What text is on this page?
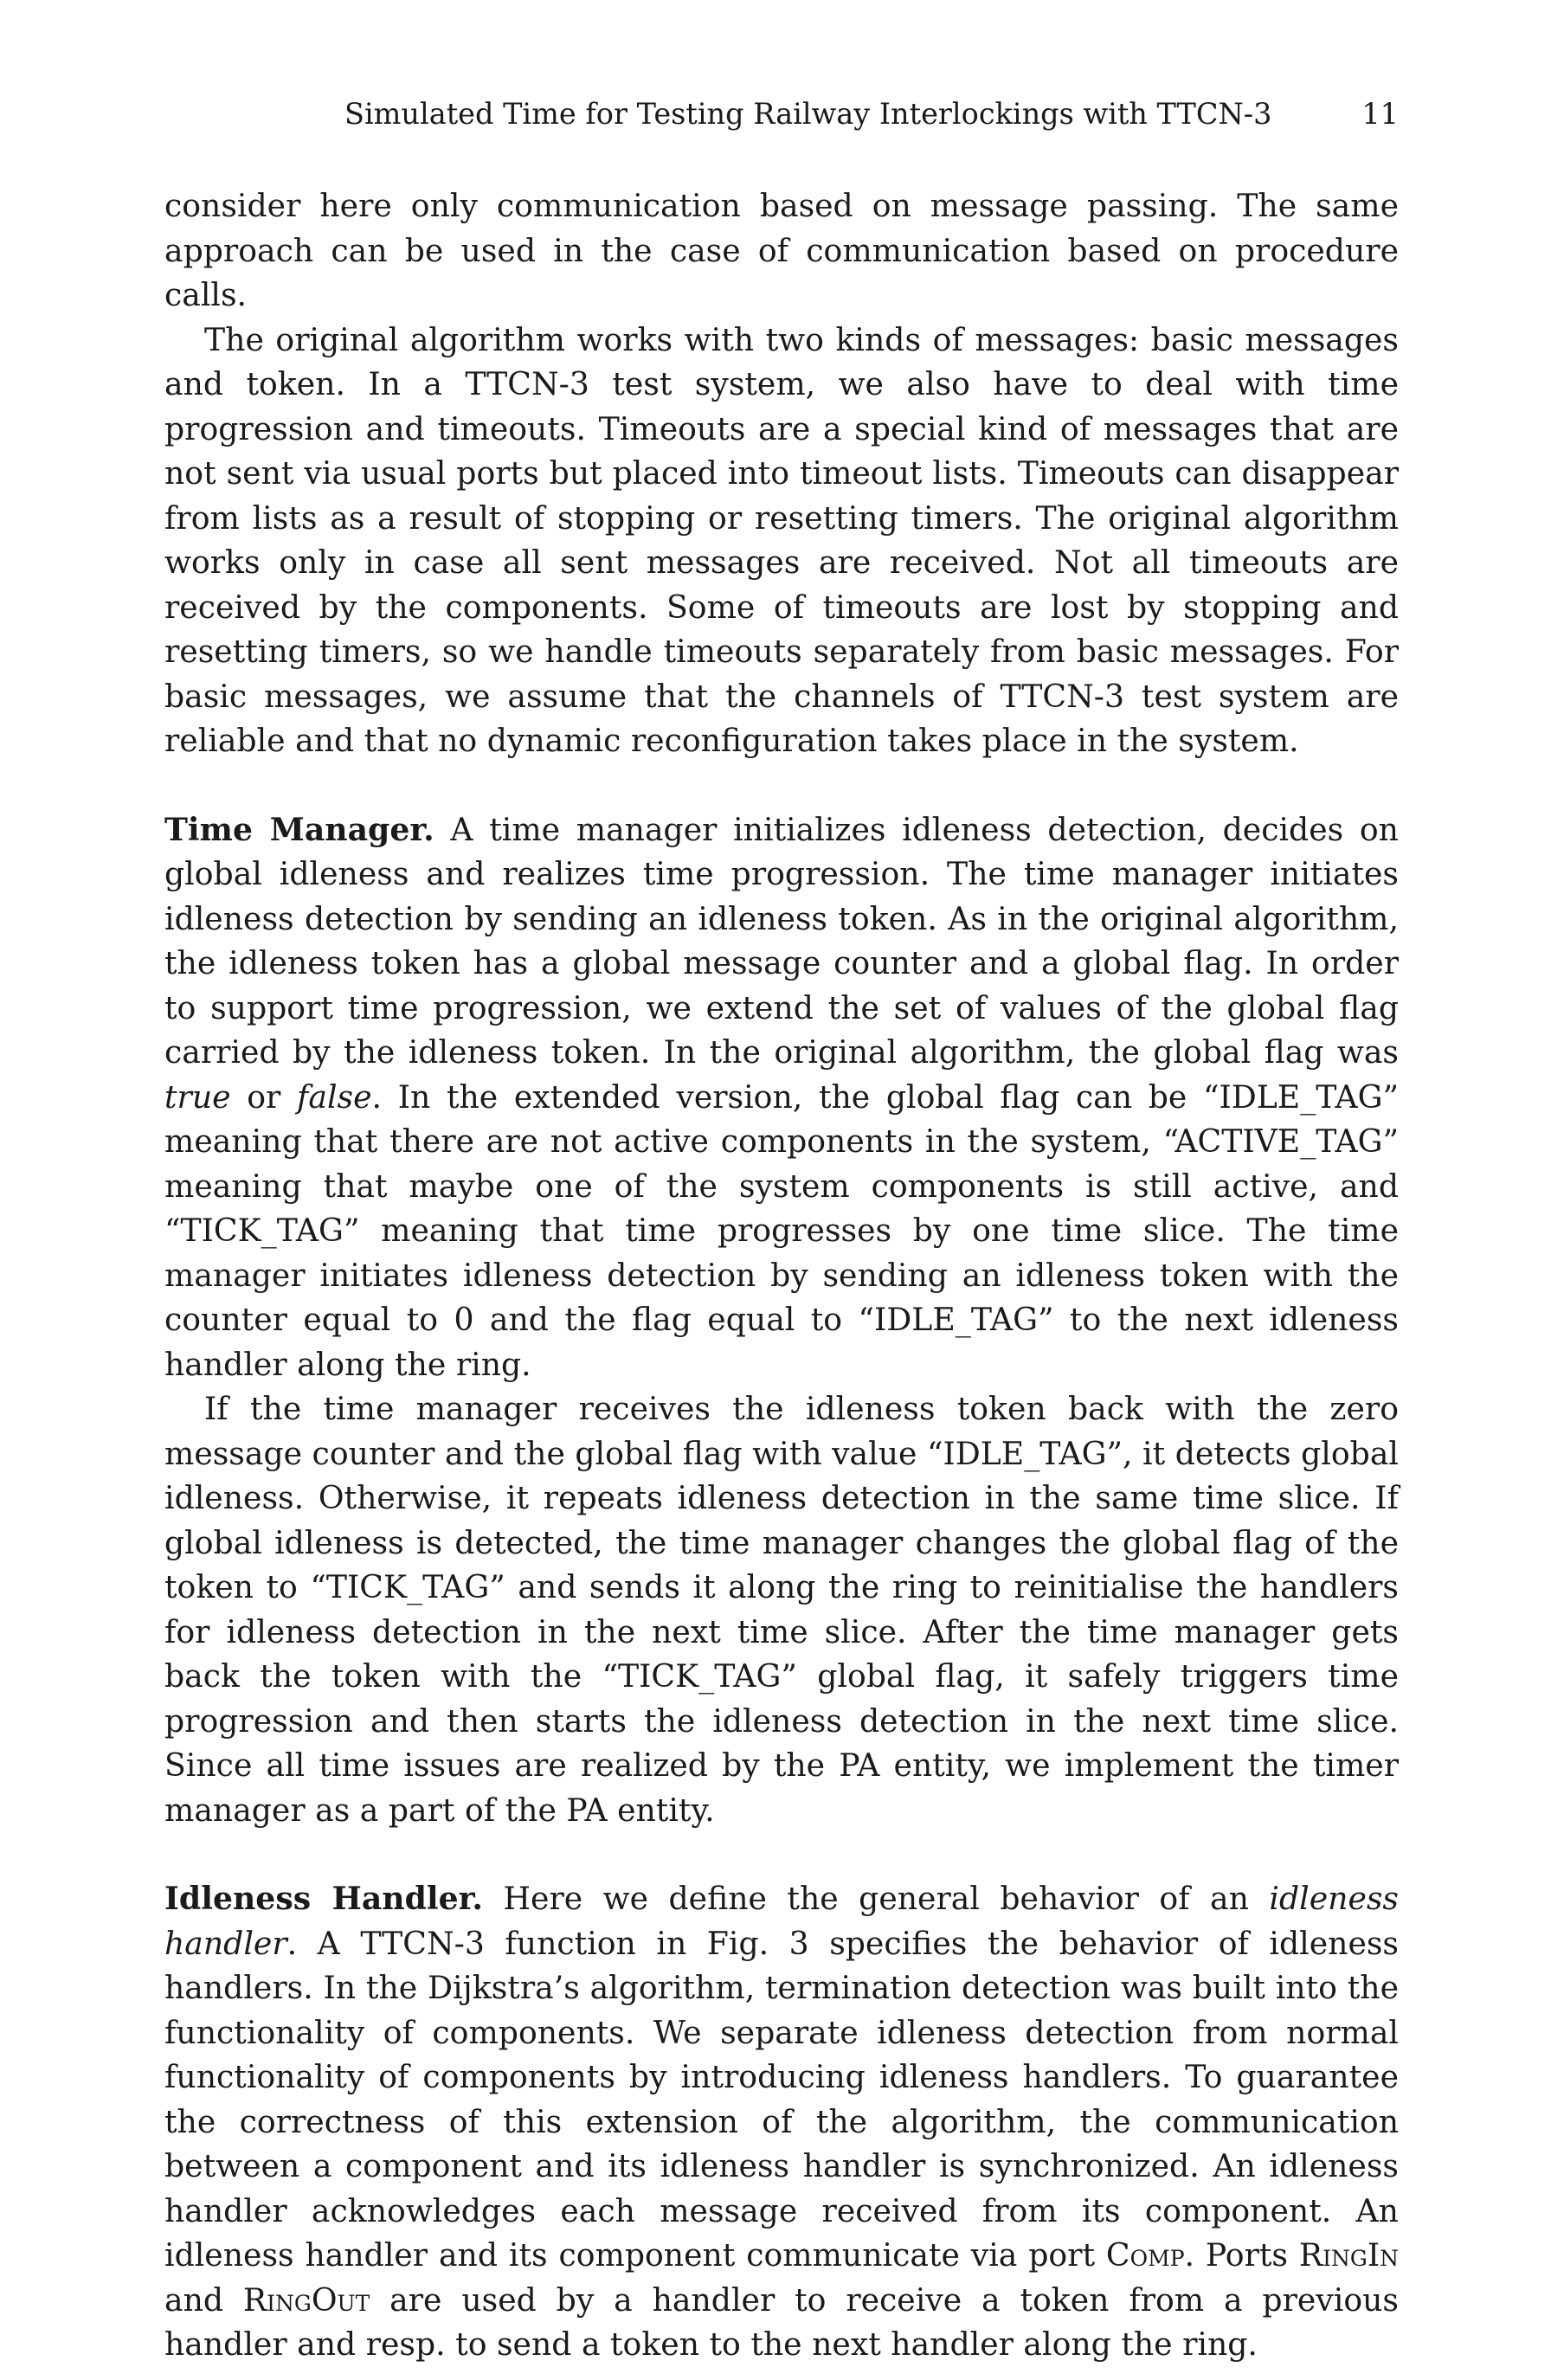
Simulated Time for Testing Railway Interlockings with TTCN-3	11

consider here only communication based on message passing. The same approach can be used in the case of communication based on procedure calls.

The original algorithm works with two kinds of messages: basic messages and token. In a TTCN-3 test system, we also have to deal with time progression and timeouts. Timeouts are a special kind of messages that are not sent via usual ports but placed into timeout lists. Timeouts can disappear from lists as a result of stopping or resetting timers. The original algorithm works only in case all sent messages are received. Not all timeouts are received by the components. Some of timeouts are lost by stopping and resetting timers, so we handle timeouts separately from basic messages. For basic messages, we assume that the channels of TTCN-3 test system are reliable and that no dynamic reconfiguration takes place in the system.

Time Manager. A time manager initializes idleness detection, decides on global idleness and realizes time progression. The time manager initiates idleness detection by sending an idleness token. As in the original algorithm, the idleness token has a global message counter and a global flag. In order to support time progression, we extend the set of values of the global flag carried by the idleness token. In the original algorithm, the global flag was true or false. In the extended version, the global flag can be “IDLE_TAG” meaning that there are not active components in the system, “ACTIVE_TAG” meaning that maybe one of the system components is still active, and “TICK_TAG” meaning that time progresses by one time slice. The time manager initiates idleness detection by sending an idleness token with the counter equal to 0 and the flag equal to “IDLE_TAG” to the next idleness handler along the ring.

If the time manager receives the idleness token back with the zero message counter and the global flag with value “IDLE_TAG”, it detects global idleness. Otherwise, it repeats idleness detection in the same time slice. If global idleness is detected, the time manager changes the global flag of the token to “TICK_TAG” and sends it along the ring to reinitialise the handlers for idleness detection in the next time slice. After the time manager gets back the token with the “TICK_TAG” global flag, it safely triggers time progression and then starts the idleness detection in the next time slice. Since all time issues are realized by the PA entity, we implement the timer manager as a part of the PA entity.

Idleness Handler. Here we define the general behavior of an idleness handler. A TTCN-3 function in Fig. 3 specifies the behavior of idleness handlers. In the Dijkstra’s algorithm, termination detection was built into the functionality of components. We separate idleness detection from normal functionality of components by introducing idleness handlers. To guarantee the correctness of this extension of the algorithm, the communication between a component and its idleness handler is synchronized. An idleness handler acknowledges each message received from its component. An idleness handler and its component communicate via port Comp. Ports RingIn and RingOut are used by a handler to receive a token from a previous handler and resp. to send a token to the next handler along the ring.
